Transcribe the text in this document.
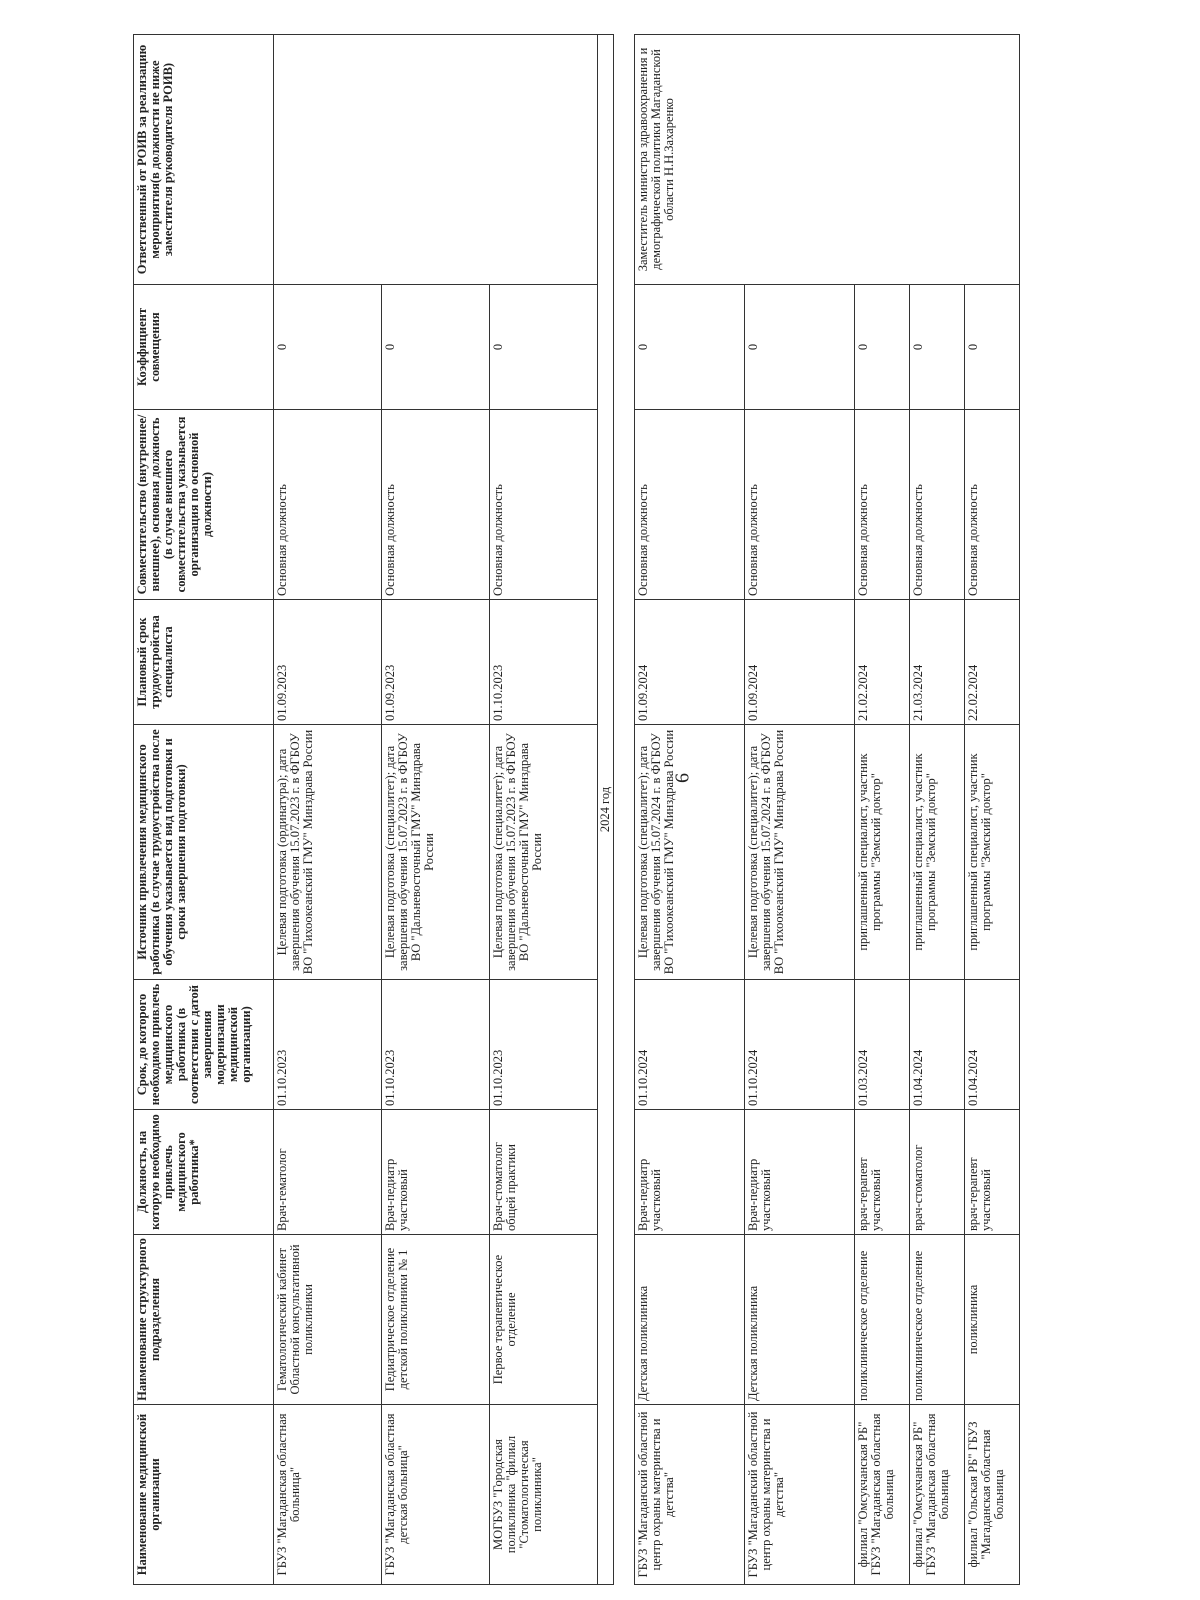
6
Наименование медицинской организации	Наименование структурного подразделения	Должность, на которую необходимо привлечь медицинского работника*	Срок, до которого необходимо привлечь медицинского работника (в соответствии с датой завершения модернизации медицинской организации)	Источник привлечения медицинского работника (в случае трудоустройства после обучения указывается вид подготовки и сроки завершения подготовки)	Плановый срок трудоустройства специалиста	Совместительство (внутреннее/внешнее), основная должность (в случае внешнего совместительства указывается организация по основной должности)	Коэффициент совмещения	Ответственный от РОИВ за реализацию мероприятия(в должности не ниже заместителя руководителя РОИВ)
ГБУЗ "Магаданская областная больница"	Гематологический кабинет Областной консультативной поликлиники	Врач-гематолог	01.10.2023	Целевая подготовка (ординатура); дата завершения обучения 15.07.2023 г. в ФГБОУ ВО "Тихоокеанский ГМУ" Минздрава России	01.09.2023	Основная должность	0	
ГБУЗ "Магаданская областная детская больница"	Педиатрическое отделение детской поликлиники № 1	Врач-педиатр участковый	01.10.2023	Целевая подготовка (специалитет); дата завершения обучения 15.07.2023 г. в ФГБОУ ВО "Дальневосточный ГМУ" Минздрава России	01.09.2023	Основная должность	0	
МОГБУЗ "Городская поликлиника "филиал "Стоматологическая поликлиника"	Первое терапевтическое отделение	Врач-стоматолог общей практики	01.10.2023	Целевая подготовка (специалитет); дата завершения обучения 15.07.2023 г. в ФГБОУ ВО "Дальневосточный ГМУ" Минздрава России	01.10.2023	Основная должность	0	
2024 год								

ГБУЗ "Магаданский областной центр охраны материнства и детства"	Детская поликлиника	Врач-педиатр участковый	01.10.2024	Целевая подготовка (специалитет); дата завершения обучения 15.07.2024 г. в ФГБОУ ВО "Тихоокеанский ГМУ" Минздрава России	01.09.2024	Основная должность	0	Заместитель министра здравоохранения и демографической политики Магаданской области Н.Н.Захаренко
ГБУЗ "Магаданский областной центр охраны материнства и детства"	Детская поликлиника	Врач-педиатр участковый	01.10.2024	Целевая подготовка (специалитет); дата завершения обучения 15.07.2024 г. в ФГБОУ ВО "Тихоокеанский ГМУ" Минздрава России	01.09.2024	Основная должность	0	
филиал "Омсукчанская РБ" ГБУЗ "Магаданская областная больница	поликлиническое отделение	врач-терапевт участковый	01.03.2024	приглашенный специалист, участник программы "Земский доктор"	21.02.2024	Основная должность	0	
филиал "Омсукчанская РБ" ГБУЗ "Магаданская областная больница	поликлиническое отделение	врач-стоматолог	01.04.2024	приглашенный специалист, участник программы "Земский доктор"	21.03.2024	Основная должность	0	
филиал "Ольская РБ" ГБУЗ "Магаданская областная больница	поликлиника	врач-терапевт участковый	01.04.2024	приглашенный специалист, участник программы "Земский доктор"	22.02.2024	Основная должность	0	
